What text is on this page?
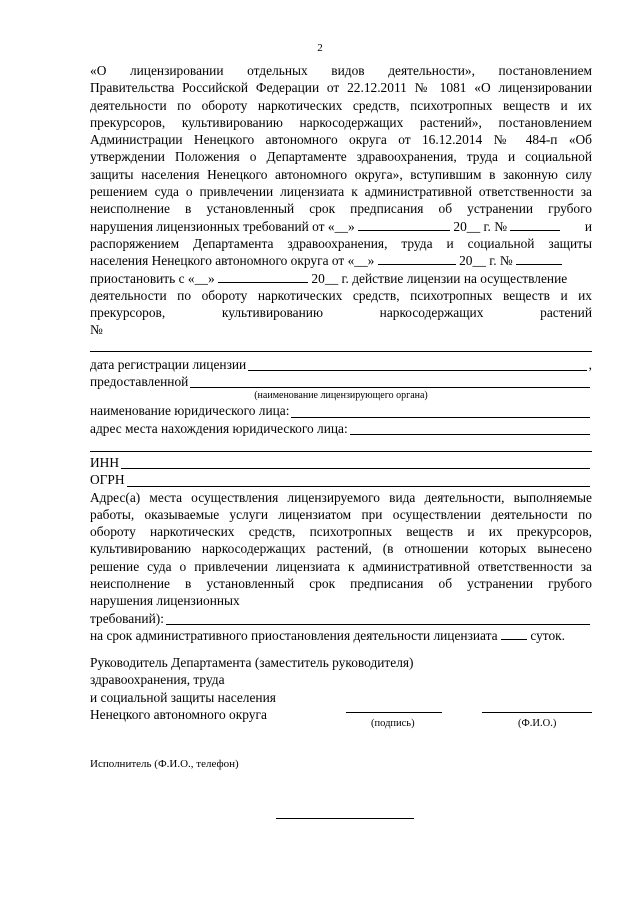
2
«О лицензировании отдельных видов деятельности», постановлением
Правительства Российской Федерации от 22.12.2011 № 1081 «О лицензировании
деятельности по обороту наркотических средств, психотропных веществ и их
прекурсоров, культивированию наркосодержащих растений», постановлением
Администрации Ненецкого автономного округа от 16.12.2014 № 484-п «Об
утверждении Положения о Департаменте здравоохранения, труда и социальной
защиты населения Ненецкого автономного округа», вступившим в законную силу
решением суда о привлечении лицензиата к административной ответственности за
неисполнение в установленный срок предписания об устранении грубого
нарушения лицензионных требований от «__»	20__ г. №	и
распоряжением Департамента здравоохранения, труда и социальной защиты
населения Ненецкого автономного округа от «__»	20__ г. №
приостановить с «__»	20__ г. действие лицензии на осуществление
деятельности по обороту наркотических средств, психотропных веществ и их
прекурсоров, культивированию наркосодержащих растений
№
дата регистрации лицензии	,
предоставленной
(наименование лицензирующего органа)
наименование юридического лица:
адрес места нахождения юридического лица:
ИНН
ОГРН
Адрес(а) места осуществления лицензируемого вида деятельности, выполняемые
работы, оказываемые услуги лицензиатом при осуществлении деятельности по
обороту наркотических средств, психотропных веществ и их прекурсоров,
культивированию наркосодержащих растений, (в отношении которых вынесено
решение суда о привлечении лицензиата к административной ответственности за
неисполнение в установленный срок предписания об устранении грубого
нарушения лицензионных
требований):
на срок административного приостановления деятельности лицензиата суток.
Руководитель Департамента (заместитель руководителя)
здравоохранения, труда
и социальной защиты населения
Ненецкого автономного округа
(подпись)	(Ф.И.О.)
Исполнитель (Ф.И.О., телефон)
